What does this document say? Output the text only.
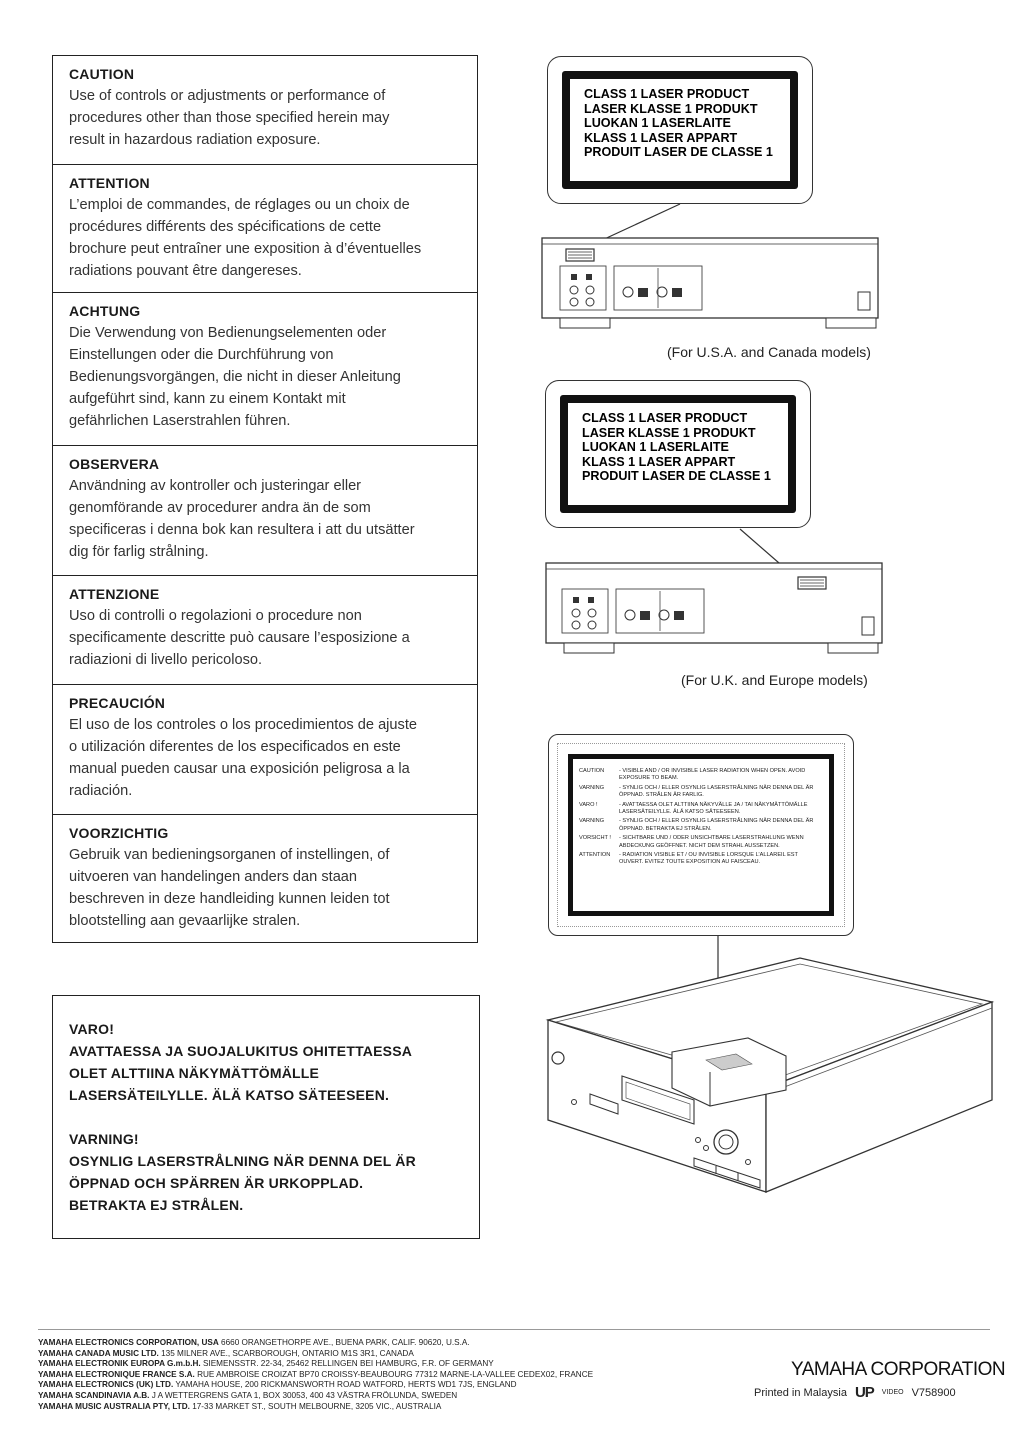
CAUTION

Use of controls or adjustments or performance of

procedures other than those specified herein may

result in hazardous radiation exposure.

ATTENTION

L’emploi de commandes, de réglages ou un choix de

procédures différents des spécifications de cette

brochure peut entraîner une exposition à d’éventuelles

radiations pouvant être dangereses.

ACHTUNG

Die Verwendung von Bedienungselementen oder

Einstellungen oder die Durchführung von

Bedienungsvorgängen, die nicht in dieser Anleitung

aufgeführt sind, kann zu einem Kontakt mit

gefährlichen Laserstrahlen führen.

OBSERVERA

Användning av kontroller och justeringar eller

genomförande av procedurer andra än de som

specificeras i denna bok kan resultera i att du utsätter

dig för farlig strålning.

ATTENZIONE

Uso di controlli o regolazioni o procedure non

specificamente descritte può causare l’esposizione a

radiazioni di livello pericoloso.

PRECAUCIÓN

El uso de los controles o los procedimientos de ajuste

o utilización diferentes de los especificados en este

manual pueden causar una exposición peligrosa a la

radiación.

VOORZICHTIG

Gebruik van bedieningsorganen of instellingen, of

uitvoeren van handelingen anders dan staan

beschreven in deze handleiding kunnen leiden tot

blootstelling aan gevaarlijke stralen.

VARO!
AVATTAESSA JA SUOJALUKITUS OHITETTAESSA
OLET ALTTIINA NÄKYMÄTTÖMÄLLE
LASERSÄTEILYLLE. ÄLÄ KATSO SÄTEESEEN.
VARNING!
OSYNLIG LASERSTRÅLNING NÄR DENNA DEL ÄR
ÖPPNAD OCH SPÄRREN ÄR URKOPPLAD.
BETRAKTA EJ STRÅLEN.
CLASS 1 LASER PRODUCT
LASER KLASSE 1 PRODUKT
LUOKAN 1 LASERLAITE
KLASS 1 LASER APPART
PRODUIT LASER DE CLASSE 1
(For U.S.A. and Canada models)
CLASS 1 LASER PRODUCT
LASER KLASSE 1 PRODUKT
LUOKAN 1 LASERLAITE
KLASS 1 LASER APPART
PRODUIT LASER DE CLASSE 1
(For U.K. and Europe models)
CAUTION	- VISIBLE AND / OR INVISIBLE LASER RADIATION WHEN OPEN. AVOID EXPOSURE TO BEAM.
VARNING	- SYNLIG OCH / ELLER OSYNLIG LASERSTRÅLNING NÄR DENNA DEL ÄR ÖPPNAD. STRÅLEN ÄR FARLIG.
VARO !	- AVATTAESSA OLET ALTTIINA NÄKYVÄLLE JA / TAI NÄKYMÄTTÖMÄLLE LASERSÄTEILYLLE. ÄLÄ KATSO SÄTEESEEN.
VARNING	- SYNLIG OCH / ELLER OSYNLIG LASERSTRÅLNING NÄR DENNA DEL ÄR ÖPPNAD. BETRAKTA EJ STRÅLEN.
VORSICHT !	- SICHTBARE UND / ODER UNSICHTBARE LASERSTRAHLUNG WENN ABDECKUNG GEÖFFNET. NICHT DEM STRAHL AUSSETZEN.
ATTENTION	- RADIATION VISIBLE ET / OU INVISIBLE LORSQUE L’ALLAREIL EST OUVERT. EVITEZ TOUTE EXPOSITION AU FAISCEAU.
YAMAHA ELECTRONICS CORPORATION, USA 6660 ORANGETHORPE AVE., BUENA PARK, CALIF. 90620, U.S.A.
YAMAHA CANADA MUSIC LTD. 135 MILNER AVE., SCARBOROUGH, ONTARIO M1S 3R1, CANADA
YAMAHA ELECTRONIK EUROPA G.m.b.H. SIEMENSSTR. 22-34, 25462 RELLINGEN BEI HAMBURG, F.R. OF GERMANY
YAMAHA ELECTRONIQUE FRANCE S.A. RUE AMBROISE CROIZAT BP70 CROISSY-BEAUBOURG 77312 MARNE-LA-VALLEE CEDEX02, FRANCE
YAMAHA ELECTRONICS (UK) LTD. YAMAHA HOUSE, 200 RICKMANSWORTH ROAD WATFORD, HERTS WD1 7JS, ENGLAND
YAMAHA SCANDINAVIA A.B. J A WETTERGRENS GATA 1, BOX 30053, 400 43 VÄSTRA FRÖLUNDA, SWEDEN
YAMAHA MUSIC AUSTRALIA PTY, LTD. 17-33 MARKET ST., SOUTH MELBOURNE, 3205 VIC., AUSTRALIA
YAMAHA CORPORATION
Printed in Malaysia UP VIDEO V758900
